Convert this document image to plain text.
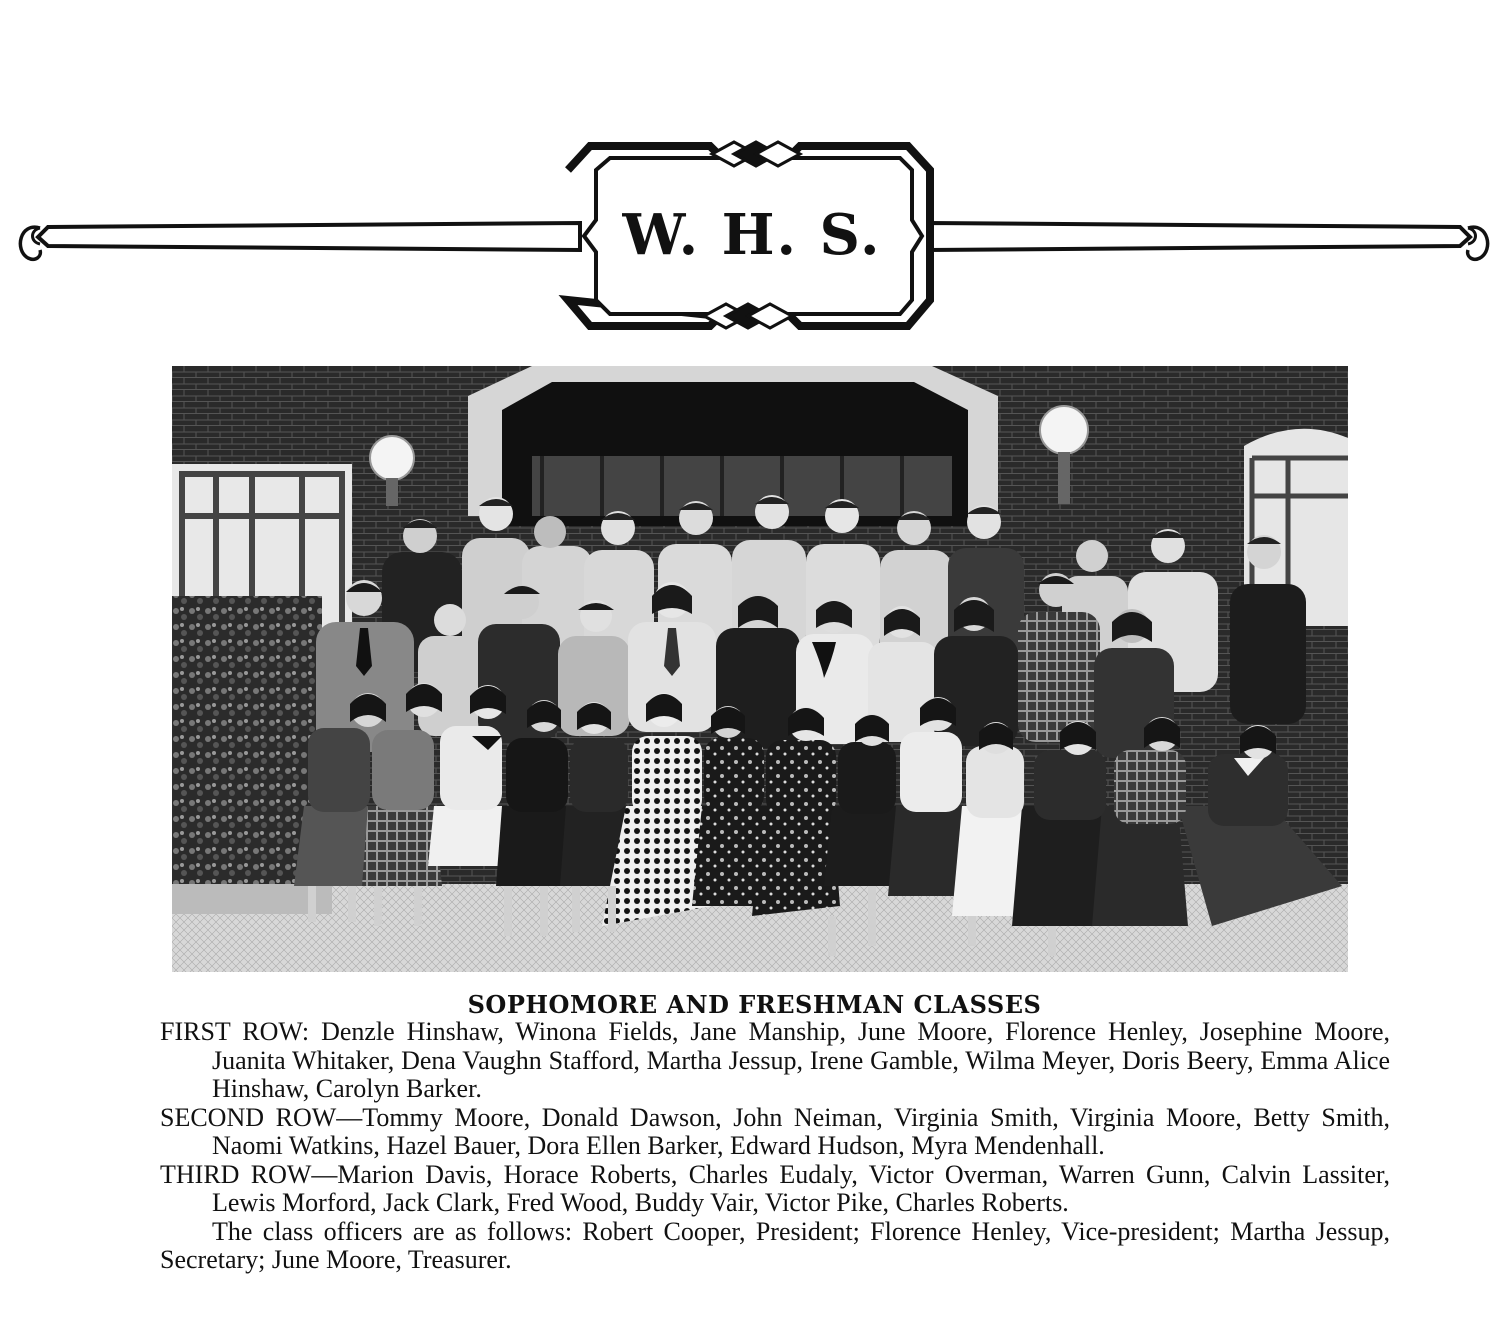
W. H. S.
SOPHOMORE AND FRESHMAN CLASSES

FIRST ROW: Denzle Hinshaw, Winona Fields, Jane Manship, June Moore, Florence Henley, Josephine Moore, Juanita Whitaker, Dena Vaughn Stafford, Martha Jessup, Irene Gamble, Wilma Meyer, Doris Beery, Emma Alice Hinshaw, Carolyn Barker.

SECOND ROW—Tommy Moore, Donald Dawson, John Neiman, Virginia Smith, Virginia Moore, Betty Smith, Naomi Watkins, Hazel Bauer, Dora Ellen Barker, Edward Hudson, Myra Mendenhall.

THIRD ROW—Marion Davis, Horace Roberts, Charles Eudaly, Victor Overman, Warren Gunn, Calvin Lassiter, Lewis Morford, Jack Clark, Fred Wood, Buddy Vair, Victor Pike, Charles Roberts.

The class officers are as follows: Robert Cooper, President; Florence Henley, Vice-president; Martha Jessup, Secretary; June Moore, Treasurer.
